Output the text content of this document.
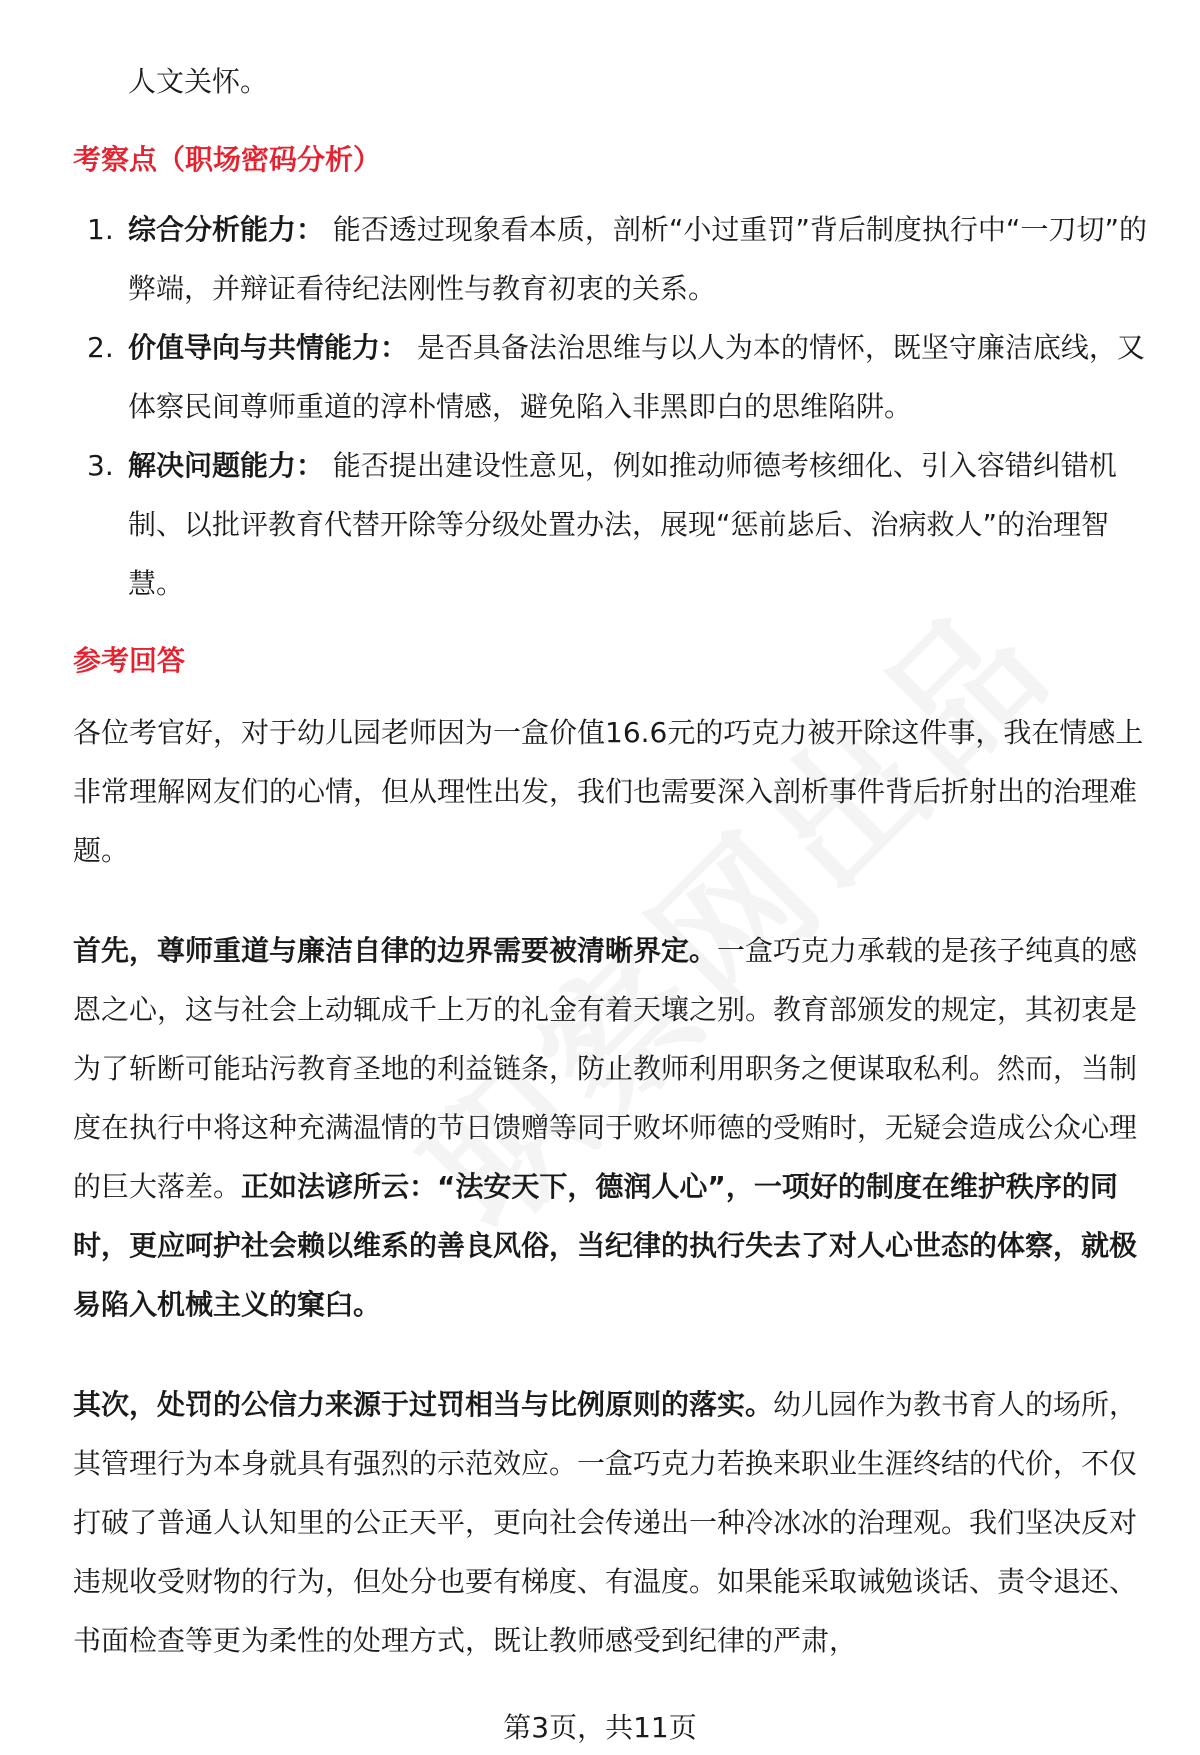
人文关怀。

考察点（职场密码分析）
1. 综合分析能力： 能否透过现象看本质，剖析“小过重罚”背后制度执行中“一刀切”的弊端，并辩证看待纪法刚性与教育初衷的关系。
2. 价值导向与共情能力： 是否具备法治思维与以人为本的情怀，既坚守廉洁底线，又体察民间尊师重道的淳朴情感，避免陷入非黑即白的思维陷阱。
3. 解决问题能力： 能否提出建设性意见，例如推动师德考核细化、引入容错纠错机制、以批评教育代替开除等分级处置办法，展现“惩前毖后、治病救人”的治理智慧。
参考回答

各位考官好，对于幼儿园老师因为一盒价值16.6元的巧克力被开除这件事，我在情感上非常理解网友们的心情，但从理性出发，我们也需要深入剖析事件背后折射出的治理难题。

首先，尊师重道与廉洁自律的边界需要被清晰界定。一盒巧克力承载的是孩子纯真的感恩之心，这与社会上动辄成千上万的礼金有着天壤之别。教育部颁发的规定，其初衷是为了斩断可能玷污教育圣地的利益链条，防止教师利用职务之便谋取私利。然而，当制度在执行中将这种充满温情的节日馈赠等同于败坏师德的受贿时，无疑会造成公众心理的巨大落差。正如法谚所云：“法安天下，德润人心”，一项好的制度在维护秩序的同时，更应呵护社会赖以维系的善良风俗，当纪律的执行失去了对人心世态的体察，就极易陷入机械主义的窠臼。

其次，处罚的公信力来源于过罚相当与比例原则的落实。幼儿园作为教书育人的场所，其管理行为本身就具有强烈的示范效应。一盒巧克力若换来职业生涯终结的代价，不仅打破了普通人认知里的公正天平，更向社会传递出一种冷冰冰的治理观。我们坚决反对违规收受财物的行为，但处分也要有梯度、有温度。如果能采取诫勉谈话、责令退还、书面检查等更为柔性的处理方式，既让教师感受到纪律的严肃，

第3页，共11页
